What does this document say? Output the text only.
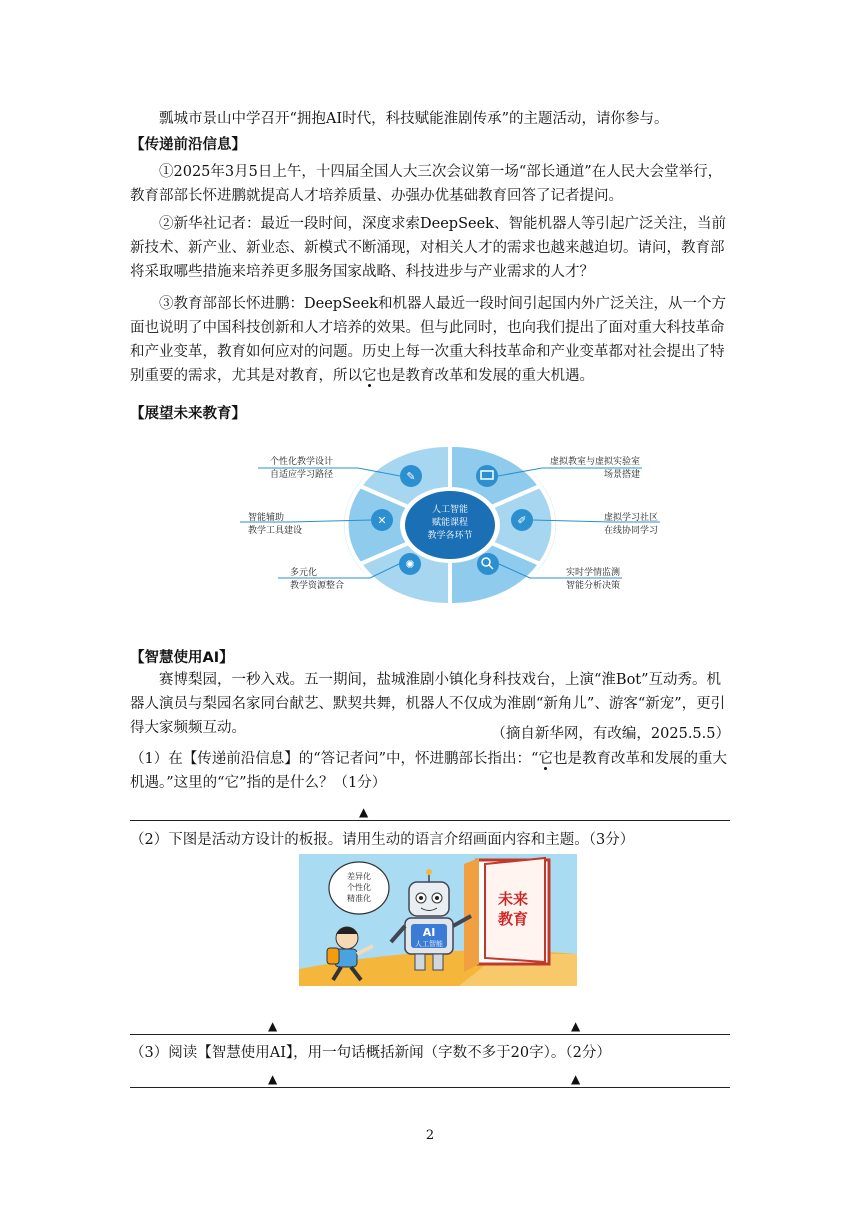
瓢城市景山中学召开“拥抱AI时代，科技赋能淮剧传承”的主题活动，请你参与。

【传递前沿信息】

①2025年3月5日上午，十四届全国人大三次会议第一场“部长通道”在人民大会堂举行，教育部部长怀进鹏就提高人才培养质量、办强办优基础教育回答了记者提问。

②新华社记者：最近一段时间，深度求索DeepSeek、智能机器人等引起广泛关注，当前新技术、新产业、新业态、新模式不断涌现，对相关人才的需求也越来越迫切。请问，教育部将采取哪些措施来培养更多服务国家战略、科技进步与产业需求的人才？

③教育部部长怀进鹏：DeepSeek和机器人最近一段时间引起国内外广泛关注，从一个方面也说明了中国科技创新和人才培养的效果。但与此同时，也向我们提出了面对重大科技革命和产业变革，教育如何应对的问题。历史上每一次重大科技革命和产业变革都对社会提出了特别重要的需求，尤其是对教育，所以它也是教育改革和发展的重大机遇。

【展望未来教育】
人工智能
赋能课程
教学各环节
✎
✕
✺
✐
个性化教学设计
自适应学习路径
智能辅助
教学工具建设
多元化
教学资源整合
虚拟教室与虚拟实验室
场景搭建
虚拟学习社区
在线协同学习
实时学情监测
智能分析决策
【智慧使用AI】

赛博梨园，一秒入戏。五一期间，盐城淮剧小镇化身科技戏台，上演“淮Bot”互动秀。机器人演员与梨园名家同台献艺、默契共舞，机器人不仅成为淮剧“新角儿”、游客“新宠”，更引得大家频频互动。	（摘自新华网，有改编，2025.5.5）

（1）在【传递前沿信息】的“答记者问”中，怀进鹏部长指出：“它也是教育改革和发展的重大机遇。”这里的“它”指的是什么？（1分）

▲

（2）下图是活动方设计的板报。请用生动的语言介绍画面内容和主题。（3分）

未来
教育
差异化
个性化
精准化
AI
人工智能
▲	▲

（3）阅读【智慧使用AI】，用一句话概括新闻（字数不多于20字）。（2分）

▲	▲
2
